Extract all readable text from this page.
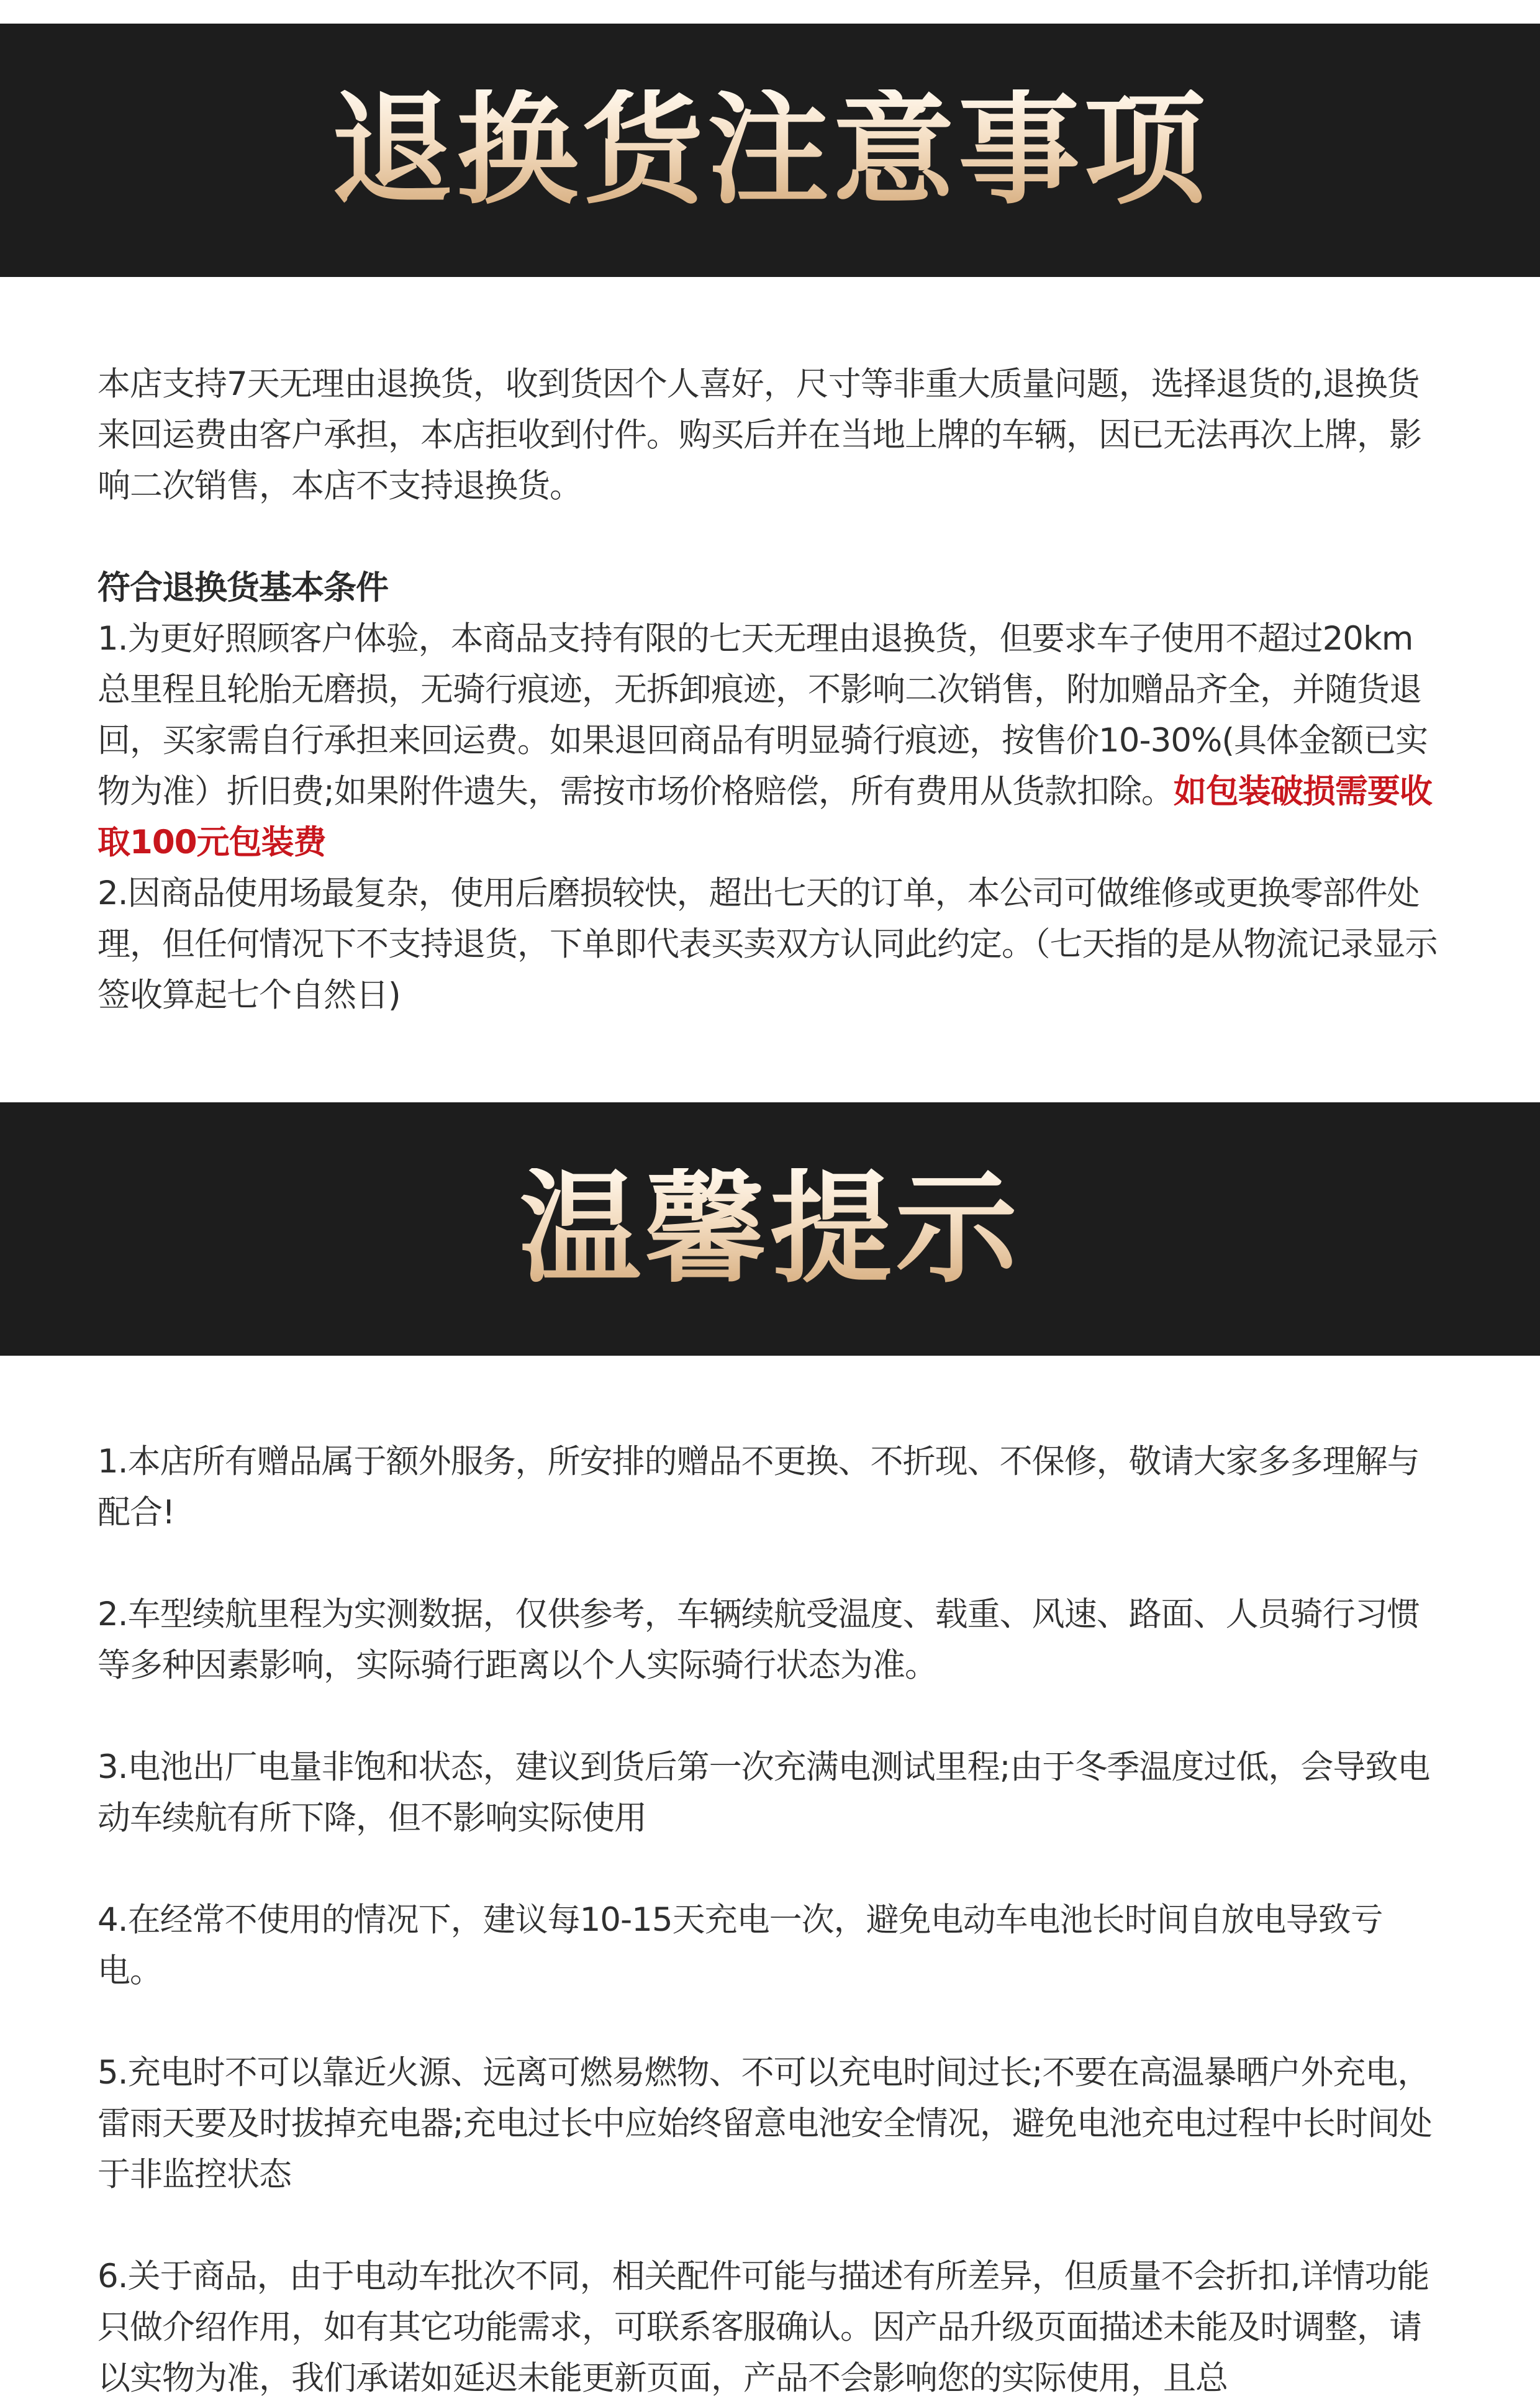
退换货注意事项

本店支持7天无理由退换货，收到货因个人喜好，尺寸等非重大质量问题，选择退货的,退换货来回运费由客户承担，本店拒收到付件。购买后并在当地上牌的车辆，因已无法再次上牌，影响二次销售，本店不支持退换货。

符合退换货基本条件

1.为更好照顾客户体验，本商品支持有限的七天无理由退换货，但要求车子使用不超过20km总里程且轮胎无磨损，无骑行痕迹，无拆卸痕迹，不影响二次销售，附加赠品齐全，并随货退回，买家需自行承担来回运费。如果退回商品有明显骑行痕迹，按售价10-30%(具体金额已实物为准）折旧费;如果附件遗失，需按市场价格赔偿，所有费用从货款扣除。如包装破损需要收取100元包装费

2.因商品使用场最复杂，使用后磨损较快，超出七天的订单，本公司可做维修或更换零部件处理，但任何情况下不支持退货，下单即代表买卖双方认同此约定。（七天指的是从物流记录显示签收算起七个自然日)

温馨提示

1.本店所有赠品属于额外服务，所安排的赠品不更换、不折现、不保修，敬请大家多多理解与配合!

2.车型续航里程为实测数据，仅供参考，车辆续航受温度、载重、风速、路面、人员骑行习惯等多种因素影响，实际骑行距离以个人实际骑行状态为准。

3.电池出厂电量非饱和状态，建议到货后第一次充满电测试里程;由于冬季温度过低，会导致电动车续航有所下降，但不影响实际使用

4.在经常不使用的情况下，建议每10-15天充电一次，避免电动车电池长时间自放电导致亏电。

5.充电时不可以靠近火源、远离可燃易燃物、不可以充电时间过长;不要在高温暴晒户外充电，雷雨天要及时拔掉充电器;充电过长中应始终留意电池安全情况，避免电池充电过程中长时间处于非监控状态

6.关于商品，由于电动车批次不同，相关配件可能与描述有所差异，但质量不会折扣,详情功能只做介绍作用，如有其它功能需求，可联系客服确认。因产品升级页面描述未能及时调整，请以实物为准，我们承诺如延迟未能更新页面，产品不会影响您的实际使用，且总
